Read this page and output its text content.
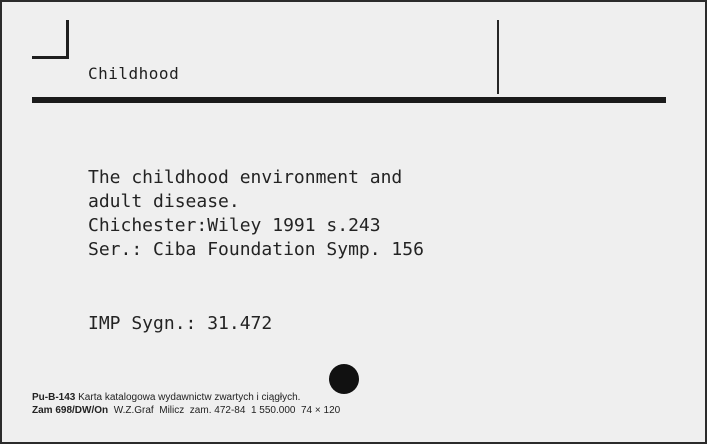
Childhood
The childhood environment and
adult disease.
Chichester:Wiley 1991 s.243
Ser.: Ciba Foundation Symp. 156
IMP Sygn.: 31.472
Pu-B-143 Karta katalogowa wydawnictw zwartych i ciągłych.
Zam 698/DW/On  W.Z.Graf  Milicz  zam. 472-84  1 550.000  74 × 120
